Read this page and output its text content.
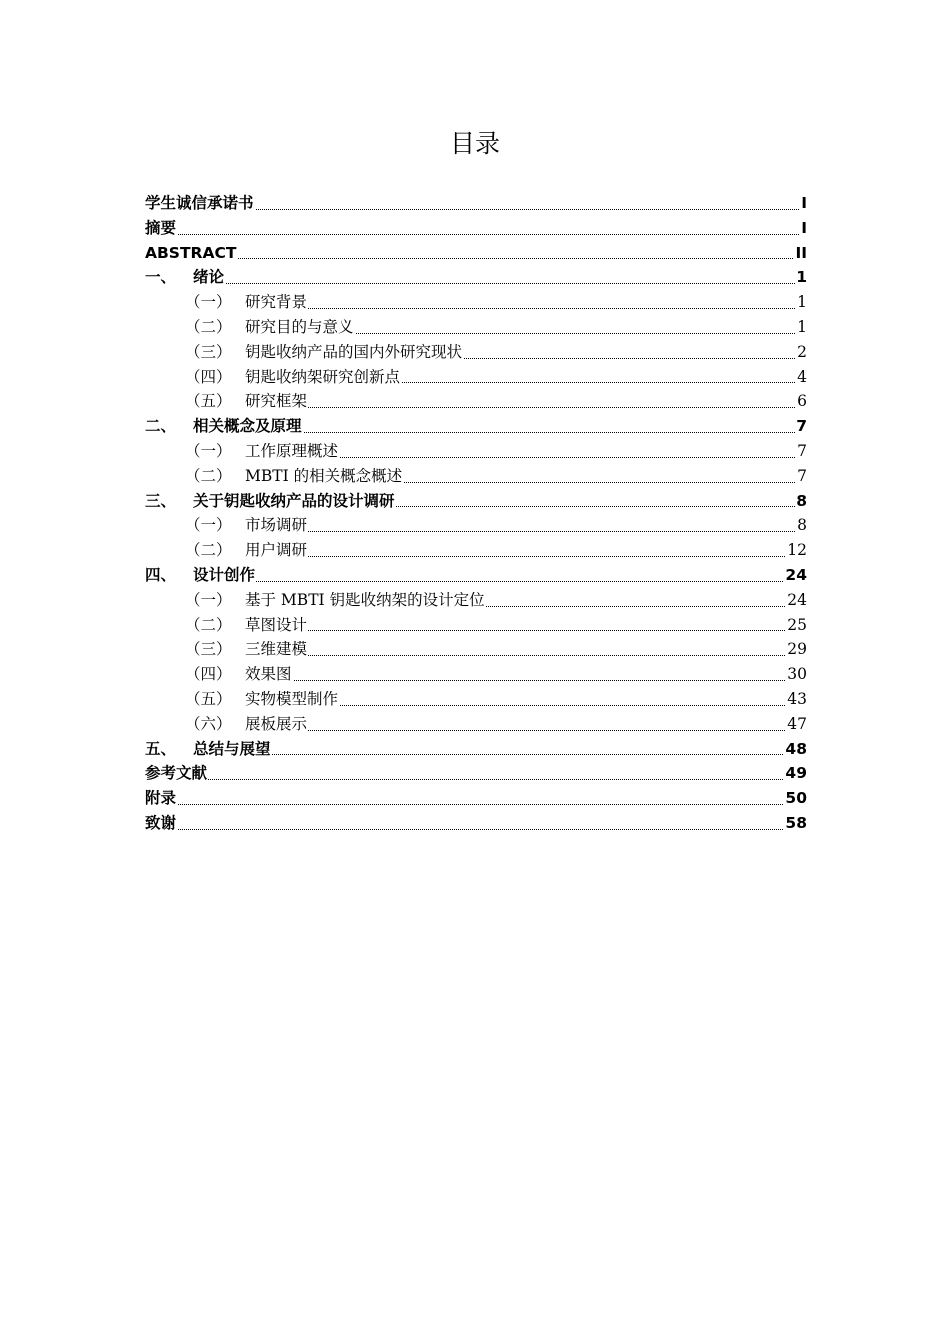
目录
学生诚信承诺书	I
摘要	I
ABSTRACT	II
一、 绪论	1
（一） 研究背景	1
（二） 研究目的与意义	1
（三） 钥匙收纳产品的国内外研究现状	2
（四） 钥匙收纳架研究创新点	4
（五） 研究框架	6
二、 相关概念及原理	7
（一） 工作原理概述	7
（二） MBTI 的相关概念概述	7
三、 关于钥匙收纳产品的设计调研	8
（一） 市场调研	8
（二） 用户调研	12
四、 设计创作	24
（一） 基于 MBTI 钥匙收纳架的设计定位	24
（二） 草图设计	25
（三） 三维建模	29
（四） 效果图	30
（五） 实物模型制作	43
（六） 展板展示	47
五、 总结与展望	48
参考文献	49
附录	50
致谢	58
